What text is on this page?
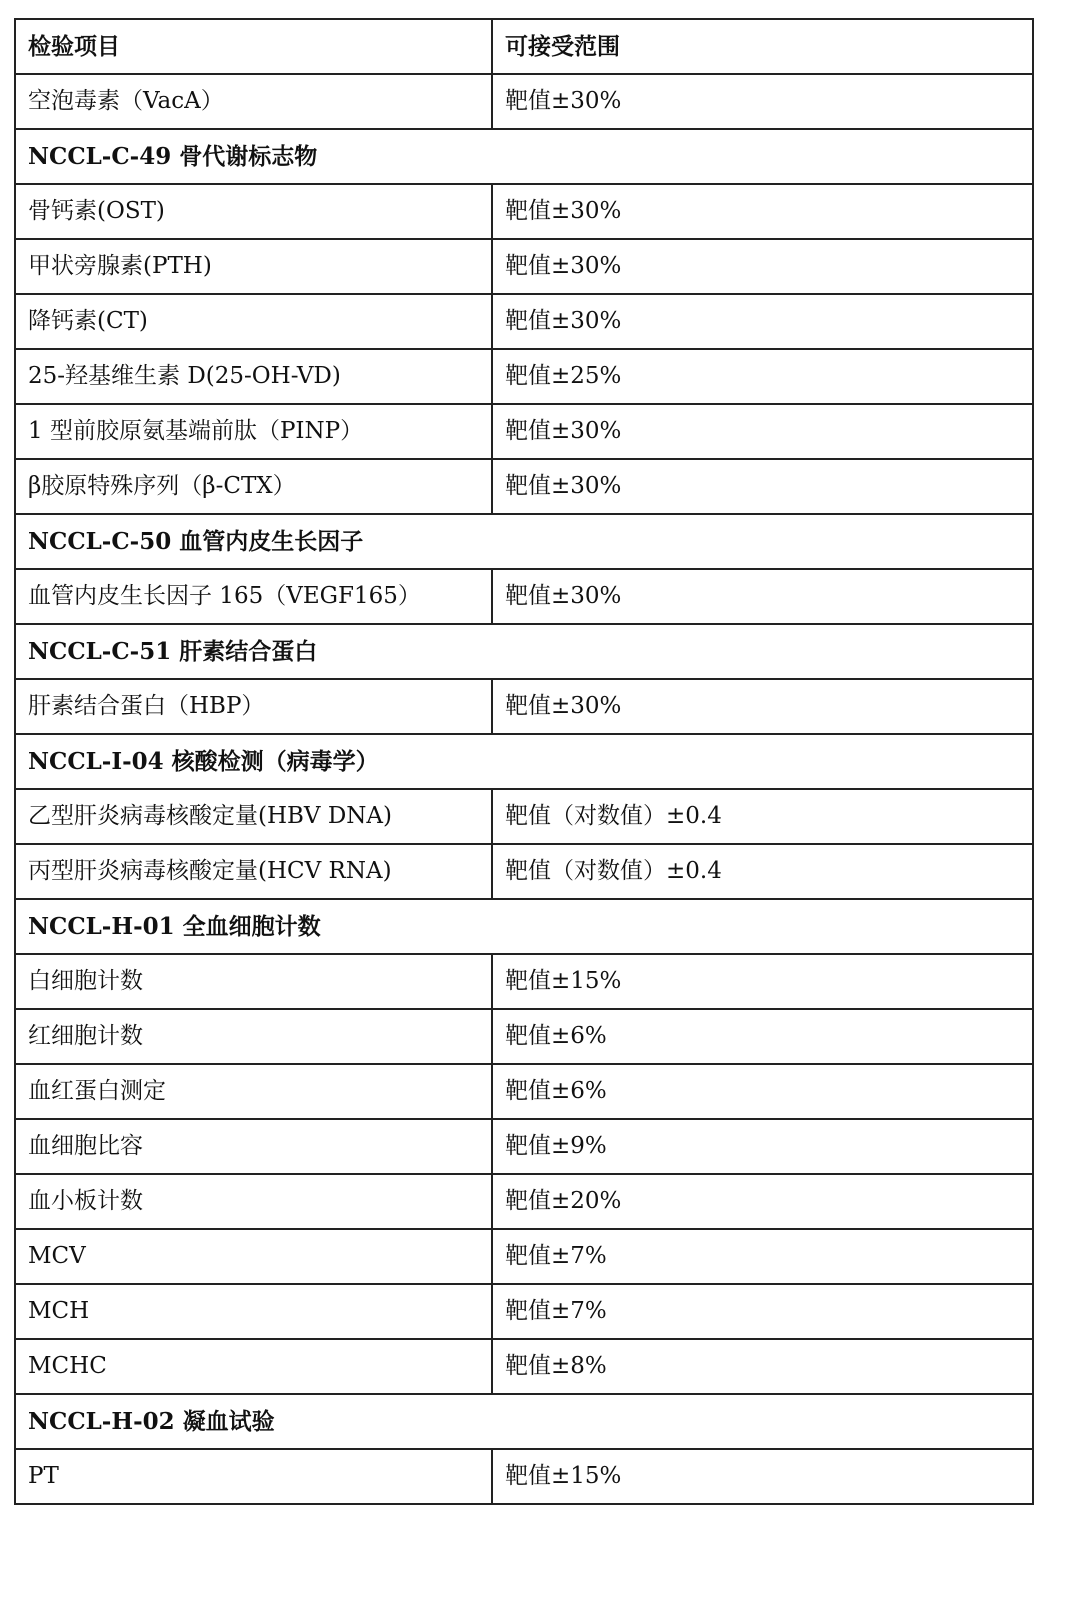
检验项目	可接受范围
空泡毒素（VacA）	靶值±30%
NCCL-C-49 骨代谢标志物	
骨钙素(OST)	靶值±30%
甲状旁腺素(PTH)	靶值±30%
降钙素(CT)	靶值±30%
25-羟基维生素 D(25-OH-VD)	靶值±25%
1 型前胶原氨基端前肽（PINP）	靶值±30%
β胶原特殊序列（β-CTX）	靶值±30%
NCCL-C-50 血管内皮生长因子	
血管内皮生长因子 165（VEGF165）	靶值±30%
NCCL-C-51 肝素结合蛋白	
肝素结合蛋白（HBP）	靶值±30%
NCCL-I-04 核酸检测（病毒学）	
乙型肝炎病毒核酸定量(HBV DNA)	靶值（对数值）±0.4
丙型肝炎病毒核酸定量(HCV RNA)	靶值（对数值）±0.4
NCCL-H-01 全血细胞计数	
白细胞计数	靶值±15%
红细胞计数	靶值±6%
血红蛋白测定	靶值±6%
血细胞比容	靶值±9%
血小板计数	靶值±20%
MCV	靶值±7%
MCH	靶值±7%
MCHC	靶值±8%
NCCL-H-02 凝血试验	
PT	靶值±15%
